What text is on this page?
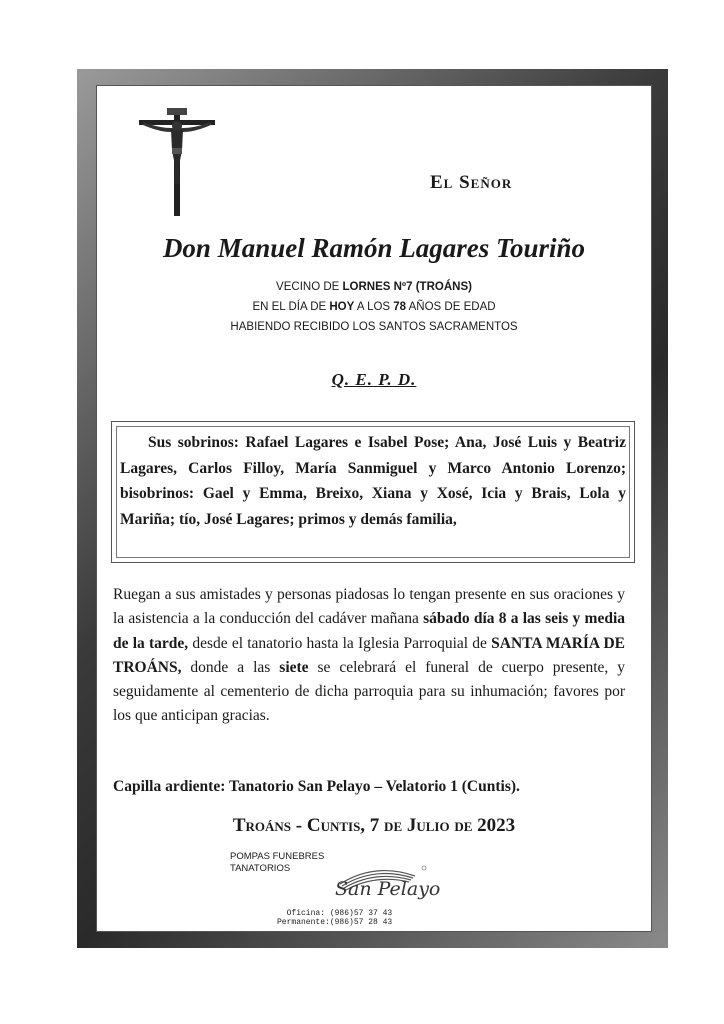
El Señor
Don Manuel Ramón Lagares Touriño
VECINO DE LORNES Nº7 (TROÁNS)
EN EL DÍA DE HOY A LOS 78 AÑOS DE EDAD
HABIENDO RECIBIDO LOS SANTOS SACRAMENTOS
Q. E. P. D.
Sus sobrinos: Rafael Lagares e Isabel Pose; Ana, José Luis y Beatriz Lagares, Carlos Filloy, María Sanmiguel y Marco Antonio Lorenzo; bisobrinos: Gael y Emma, Breixo, Xiana y Xosé, Icia y Brais, Lola y Mariña; tío, José Lagares; primos y demás familia,
Ruegan a sus amistades y personas piadosas lo tengan presente en sus oraciones y la asistencia a la conducción del cadáver mañana sábado día 8 a las seis y media de la tarde, desde el tanatorio hasta la Iglesia Parroquial de SANTA MARÍA DE TROÁNS, donde a las siete se celebrará el funeral de cuerpo presente, y seguidamente al cementerio de dicha parroquia para su inhumación; favores por los que anticipan gracias.
Capilla ardiente: Tanatorio San Pelayo – Velatorio 1 (Cuntis).
Troáns - Cuntis, 7 de Julio de 2023
POMPAS FUNEBRES
TANATORIOS
San Pelayo
Oficina: (986)57 37 43
Permanente: (986)57 28 43
